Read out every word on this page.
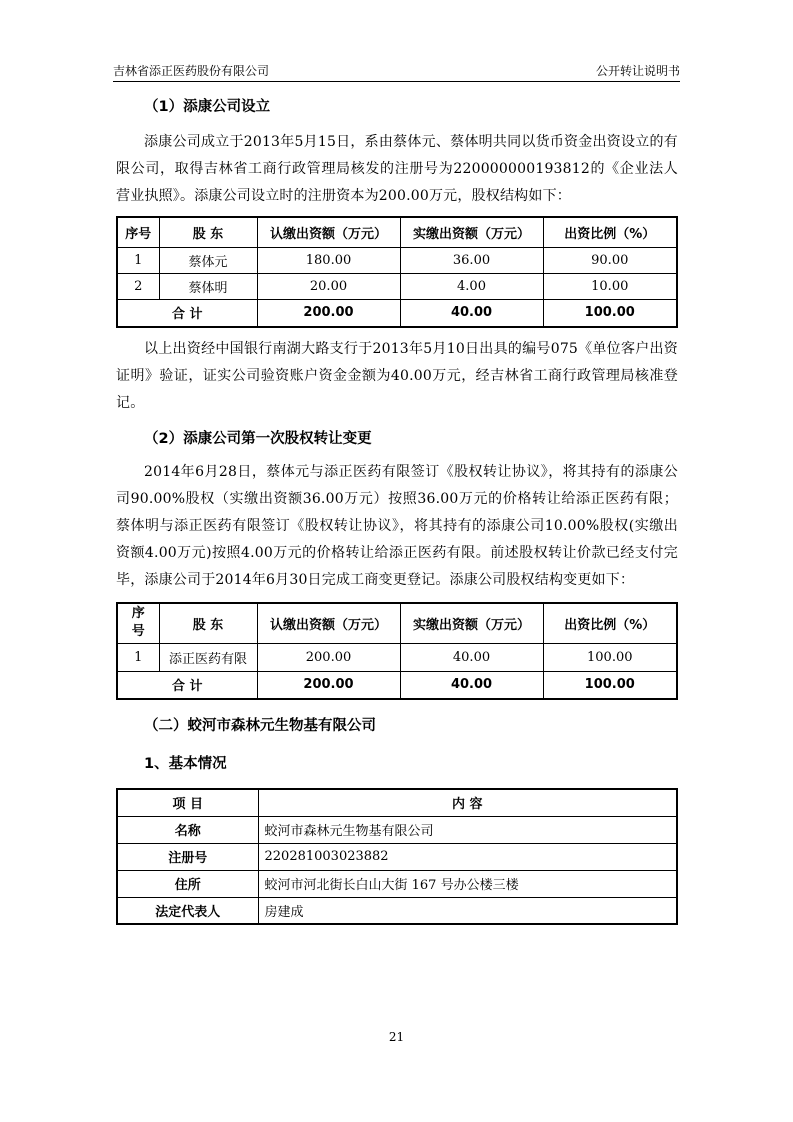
吉林省添正医药股份有限公司	公开转让说明书
（1）添康公司设立

添康公司成立于2013年5月15日，系由蔡体元、蔡体明共同以货币资金出资设立的有限公司，取得吉林省工商行政管理局核发的注册号为220000000193812的《企业法人营业执照》。添康公司设立时的注册资本为200.00万元，股权结构如下：

序号	股 东	认缴出资额（万元）	实缴出资额（万元）	出资比例（%）
1	蔡体元	180.00	36.00	90.00
2	蔡体明	20.00	4.00	10.00
合 计		200.00	40.00	100.00

以上出资经中国银行南湖大路支行于2013年5月10日出具的编号075《单位客户出资证明》验证，证实公司验资账户资金金额为40.00万元，经吉林省工商行政管理局核准登记。

（2）添康公司第一次股权转让变更

2014年6月28日，蔡体元与添正医药有限签订《股权转让协议》，将其持有的添康公司90.00%股权（实缴出资额36.00万元）按照36.00万元的价格转让给添正医药有限；蔡体明与添正医药有限签订《股权转让协议》，将其持有的添康公司10.00%股权(实缴出资额4.00万元)按照4.00万元的价格转让给添正医药有限。前述股权转让价款已经支付完毕，添康公司于2014年6月30日完成工商变更登记。添康公司股权结构变更如下：

序号	股 东	认缴出资额（万元）	实缴出资额（万元）	出资比例（%）
1	添正医药有限	200.00	40.00	100.00
合 计		200.00	40.00	100.00
（二）蛟河市森林元生物基有限公司
1、基本情况
项 目	内 容
名称	蛟河市森林元生物基有限公司
注册号	220281003023882
住所	蛟河市河北街长白山大街 167 号办公楼三楼
法定代表人	房建成
21
